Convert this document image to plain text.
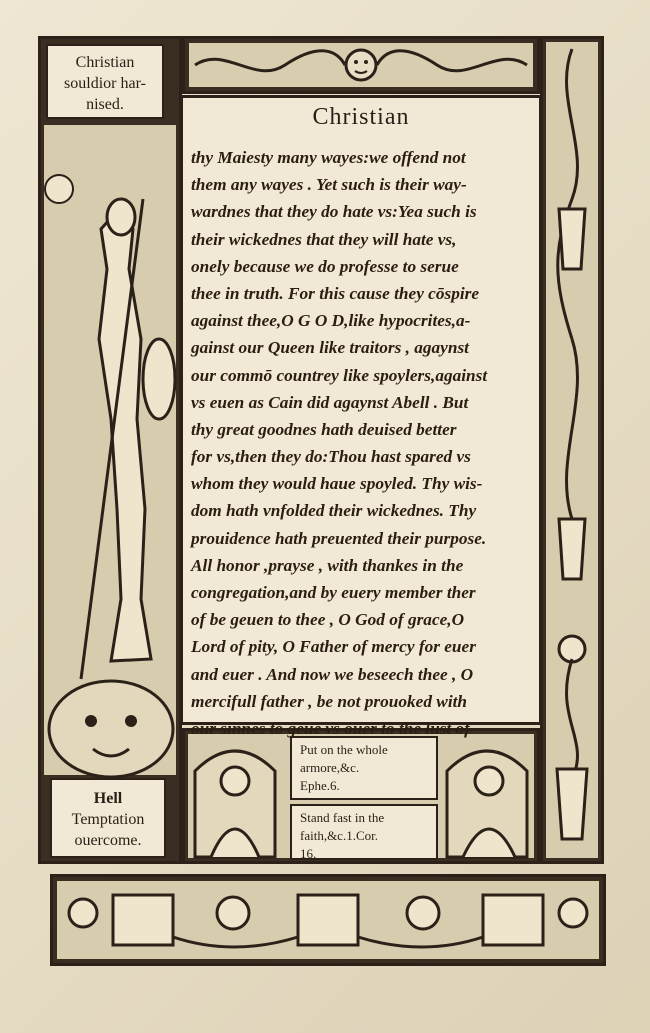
Christian
souldior har-
nised.
Hell
Temptation
ouercome.
Put on the whole
armore,&c.
Ephe.6.
Stand fast in the
faith,&c.1.Cor.
16.
Christian
thy Maiesty many wayes:we offend not
them any wayes . Yet such is their way-
wardnes that they do hate vs:Yea such is
their wickednes that they will hate vs,
onely because we do professe to serue
thee in truth. For this cause they cōspire
against thee,O G O D,like hypocrites,a-
gainst our Queen like traitors , agaynst
our commō countrey like spoylers,against
vs euen as Cain did agaynst Abell . But
thy great goodnes hath deuised better
for vs,then they do:Thou hast spared vs
whom they would haue spoyled. Thy wis-
dom hath vnfolded their wickednes. Thy
prouidence hath preuented their purpose.
All honor ,prayse , with thankes in the
congregation,and by euery member ther
of be geuen to thee , O God of grace,O
Lord of pity, O Father of mercy for euer
and euer . And now we beseech thee , O
mercifull father , be not prouoked with
our sinnes to geue vs ouer to the lust of
